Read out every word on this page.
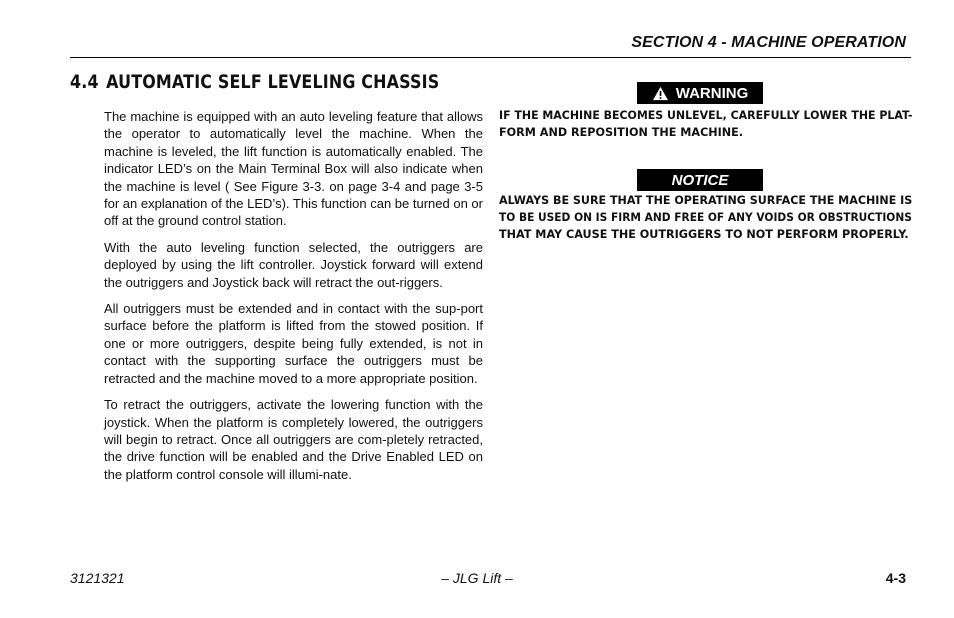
SECTION 4 - MACHINE OPERATION
4.4 AUTOMATIC SELF LEVELING CHASSIS

The machine is equipped with an auto leveling feature that allows the operator to automatically level the machine. When the machine is leveled, the lift function is automatically enabled. The indicator LED’s on the Main Terminal Box will also indicate when the machine is level ( See Figure 3-3. on page 3-4 and page 3-5 for an explanation of the LED’s). This function can be turned on or off at the ground control station.

With the auto leveling function selected, the outriggers are deployed by using the lift controller. Joystick forward will extend the outriggers and Joystick back will retract the out-riggers.

All outriggers must be extended and in contact with the sup-port surface before the platform is lifted from the stowed position. If one or more outriggers, despite being fully extended, is not in contact with the supporting surface the outriggers must be retracted and the machine moved to a more appropriate position.

To retract the outriggers, activate the lowering function with the joystick. When the platform is completely lowered, the outriggers will begin to retract. Once all outriggers are com-pletely retracted, the drive function will be enabled and the Drive Enabled LED on the platform control console will illumi-nate.

WARNING
IF THE MACHINE BECOMES UNLEVEL, CAREFULLY LOWER THE PLAT-
FORM AND REPOSITION THE MACHINE.
NOTICE
ALWAYS BE SURE THAT THE OPERATING SURFACE THE MACHINE IS
TO BE USED ON IS FIRM AND FREE OF ANY VOIDS OR OBSTRUCTIONS
THAT MAY CAUSE THE OUTRIGGERS TO NOT PERFORM PROPERLY.
3121321	– JLG Lift –	4-3
